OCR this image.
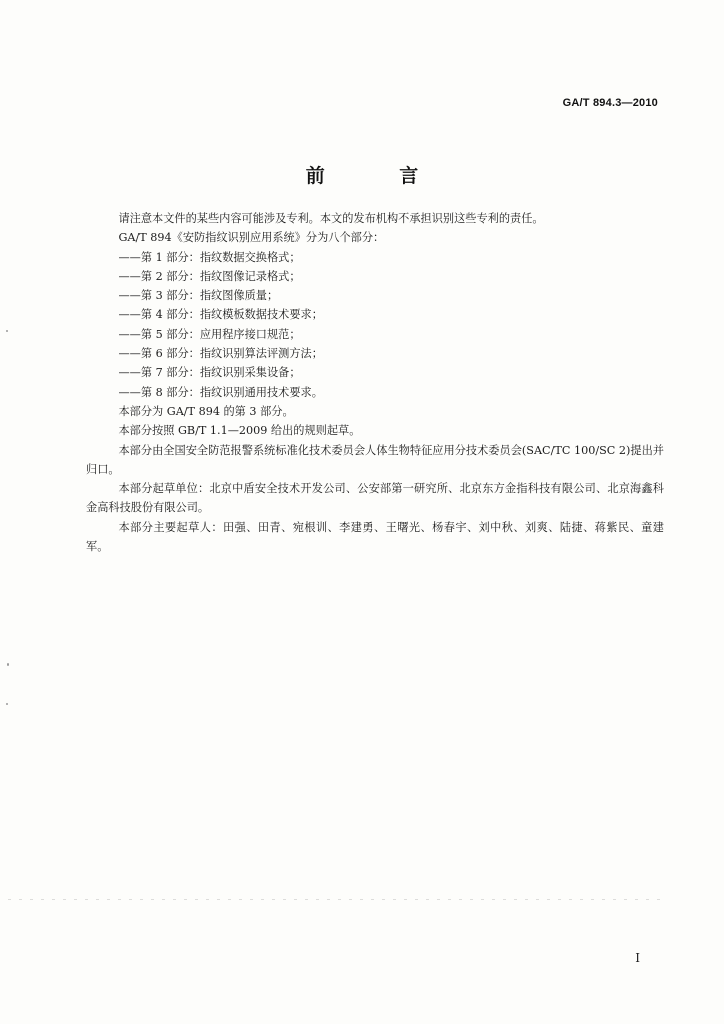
GA/T 894.3—2010
前 言

请注意本文件的某些内容可能涉及专利。本文的发布机构不承担识别这些专利的责任。

GA/T 894《安防指纹识别应用系统》分为八个部分：

——第 1 部分：指纹数据交换格式；

——第 2 部分：指纹图像记录格式；

——第 3 部分：指纹图像质量；

——第 4 部分：指纹模板数据技术要求；

——第 5 部分：应用程序接口规范；

——第 6 部分：指纹识别算法评测方法；

——第 7 部分：指纹识别采集设备；

——第 8 部分：指纹识别通用技术要求。

本部分为 GA/T 894 的第 3 部分。

本部分按照 GB/T 1.1—2009 给出的规则起草。

本部分由全国安全防范报警系统标准化技术委员会人体生物特征应用分技术委员会(SAC/TC 100/SC 2)提出并归口。

本部分起草单位：北京中盾安全技术开发公司、公安部第一研究所、北京东方金指科技有限公司、北京海鑫科金高科技股份有限公司。

本部分主要起草人：田强、田青、宛根训、李建勇、王曙光、杨春宇、刘中秋、刘爽、陆捷、蒋紫民、童建军。

I
